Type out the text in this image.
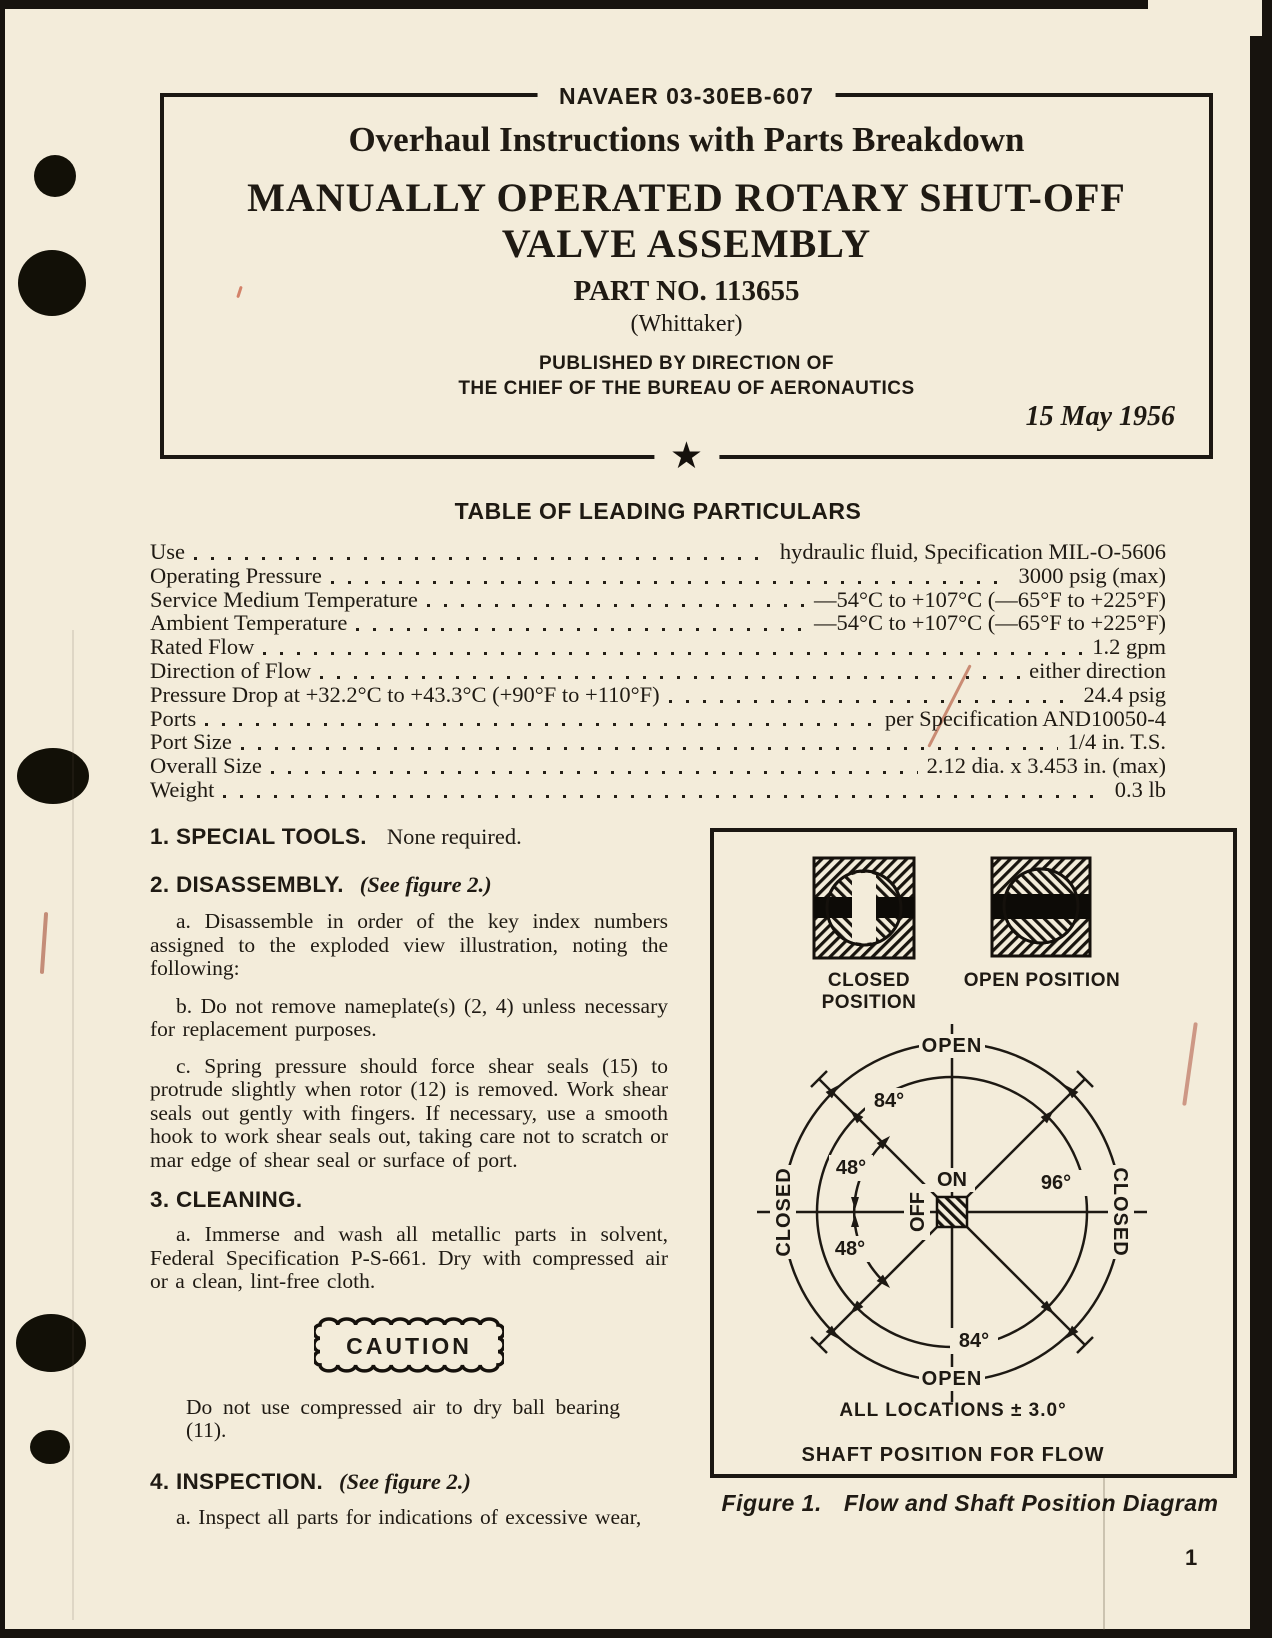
NAVAER 03-30EB-607
Overhaul Instructions with Parts Breakdown
MANUALLY OPERATED ROTARY SHUT-OFF
VALVE ASSEMBLY
PART NO. 113655
(Whittaker)
PUBLISHED BY DIRECTION OF
THE CHIEF OF THE BUREAU OF AERONAUTICS
15 May 1956
★
TABLE OF LEADING PARTICULARS
Use	hydraulic fluid, Specification MIL-O-5606
Operating Pressure	3000 psig (max)
Service Medium Temperature	—54°C to +107°C (—65°F to +225°F)
Ambient Temperature	—54°C to +107°C (—65°F to +225°F)
Rated Flow	1.2 gpm
Direction of Flow	either direction
Pressure Drop at +32.2°C to +43.3°C (+90°F to +110°F)	24.4 psig
Ports	per Specification AND10050-4
Port Size	1/4 in. T.S.
Overall Size	2.12 dia. x 3.453 in. (max)
Weight	0.3 lb

1. SPECIAL TOOLS. None required.

2. DISASSEMBLY. (See figure 2.)

a. Disassemble in order of the key index numbers assigned to the exploded view illustration, noting the following:

b. Do not remove nameplate(s) (2, 4) unless necessary for replacement purposes.

c. Spring pressure should force shear seals (15) to protrude slightly when rotor (12) is removed. Work shear seals out gently with fingers. If necessary, use a smooth hook to work shear seals out, taking care not to scratch or mar edge of shear seal or surface of port.

3. CLEANING.

a. Immerse and wash all metallic parts in solvent, Federal Specification P-S-661. Dry with compressed air or a clean, lint-free cloth.

CAUTION

Do not use compressed air to dry ball bearing (11).

4. INSPECTION. (See figure 2.)

a. Inspect all parts for indications of excessive wear,

CLOSED POSITION
OPEN POSITION
OPEN
OPEN
CLOSED	CLOSED
84°
96°
84°
48°
48°
ON
OFF
ALL LOCATIONS ± 3.0°
SHAFT POSITION FOR FLOW
Figure 1. Flow and Shaft Position Diagram
1
